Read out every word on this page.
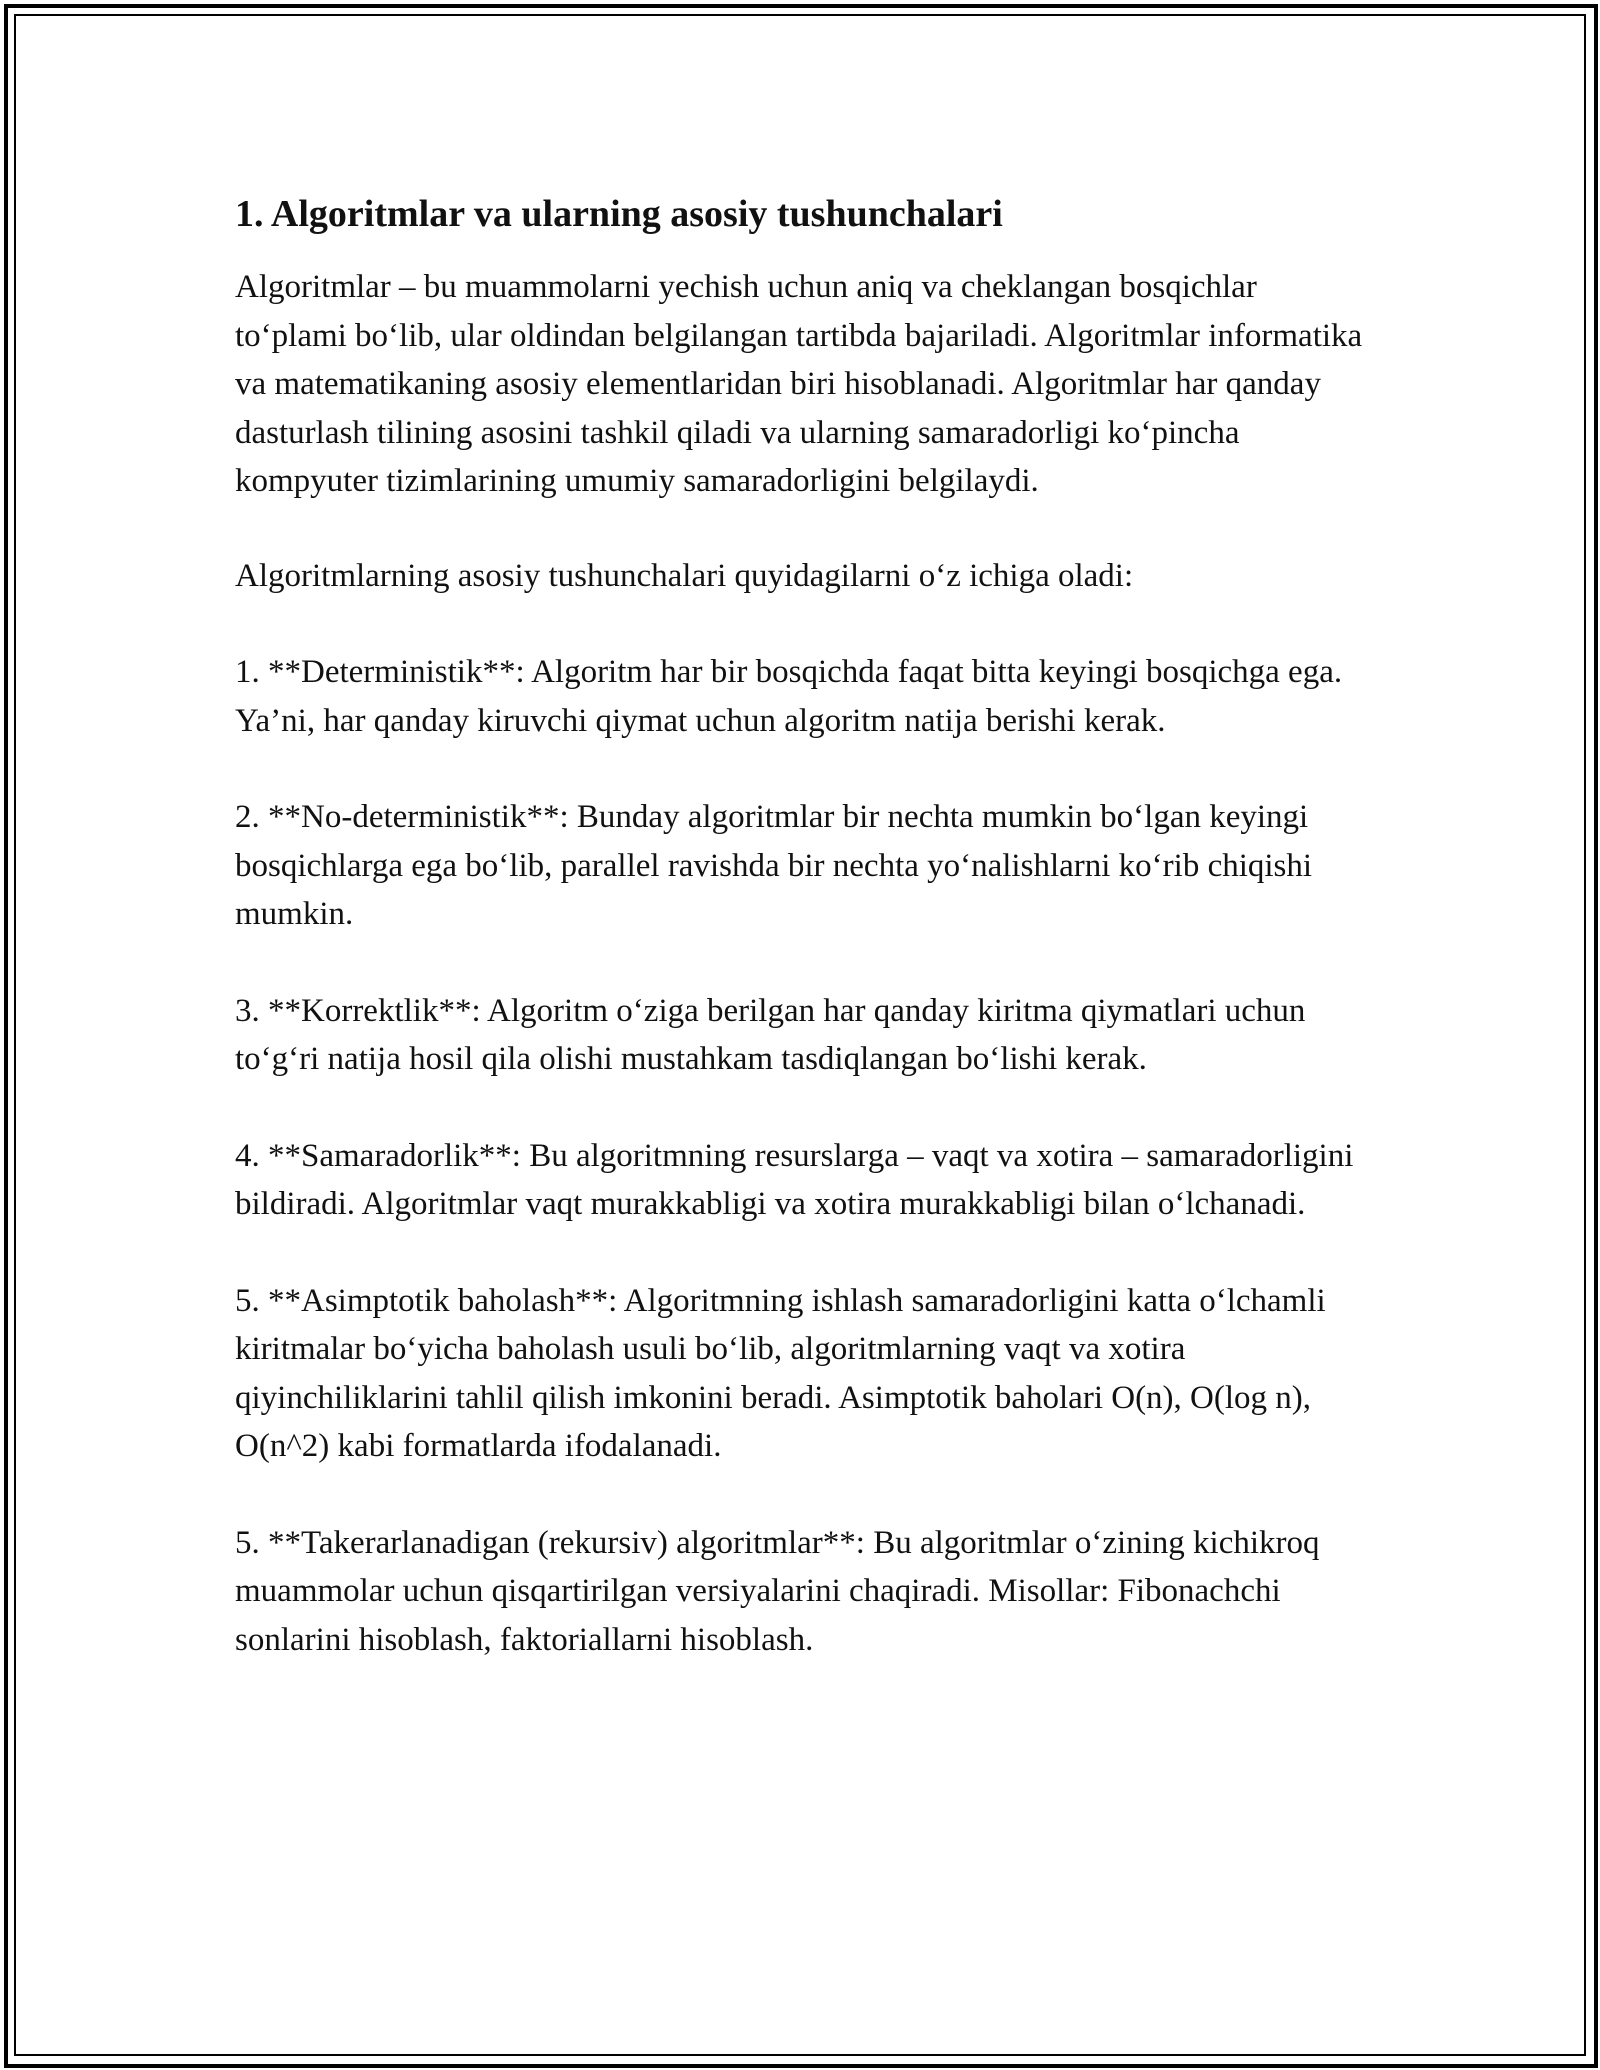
1. Algoritmlar va ularning asosiy tushunchalari

Algoritmlar – bu muammolarni yechish uchun aniq va cheklangan bosqichlar to‘plami bo‘lib, ular oldindan belgilangan tartibda bajariladi. Algoritmlar informatika va matematikaning asosiy elementlaridan biri hisoblanadi. Algoritmlar har qanday dasturlash tilining asosini tashkil qiladi va ularning samaradorligi ko‘pincha kompyuter tizimlarining umumiy samaradorligini belgilaydi.

Algoritmlarning asosiy tushunchalari quyidagilarni o‘z ichiga oladi:

1. **Deterministik**: Algoritm har bir bosqichda faqat bitta keyingi bosqichga ega. Ya’ni, har qanday kiruvchi qiymat uchun algoritm natija berishi kerak.

2. **No-deterministik**: Bunday algoritmlar bir nechta mumkin bo‘lgan keyingi bosqichlarga ega bo‘lib, parallel ravishda bir nechta yo‘nalishlarni ko‘rib chiqishi mumkin.

3. **Korrektlik**: Algoritm o‘ziga berilgan har qanday kiritma qiymatlari uchun to‘g‘ri natija hosil qila olishi mustahkam tasdiqlangan bo‘lishi kerak.

4. **Samaradorlik**: Bu algoritmning resurslarga – vaqt va xotira – samaradorligini bildiradi. Algoritmlar vaqt murakkabligi va xotira murakkabligi bilan o‘lchanadi.

5. **Asimptotik baholash**: Algoritmning ishlash samaradorligini katta o‘lchamli kiritmalar bo‘yicha baholash usuli bo‘lib, algoritmlarning vaqt va xotira qiyinchiliklarini tahlil qilish imkonini beradi. Asimptotik baholari O(n), O(log n), O(n^2) kabi formatlarda ifodalanadi.

5. **Takerarlanadigan (rekursiv) algoritmlar**: Bu algoritmlar o‘zining kichikroq muammolar uchun qisqartirilgan versiyalarini chaqiradi. Misollar: Fibonachchi sonlarini hisoblash, faktoriallarni hisoblash.
